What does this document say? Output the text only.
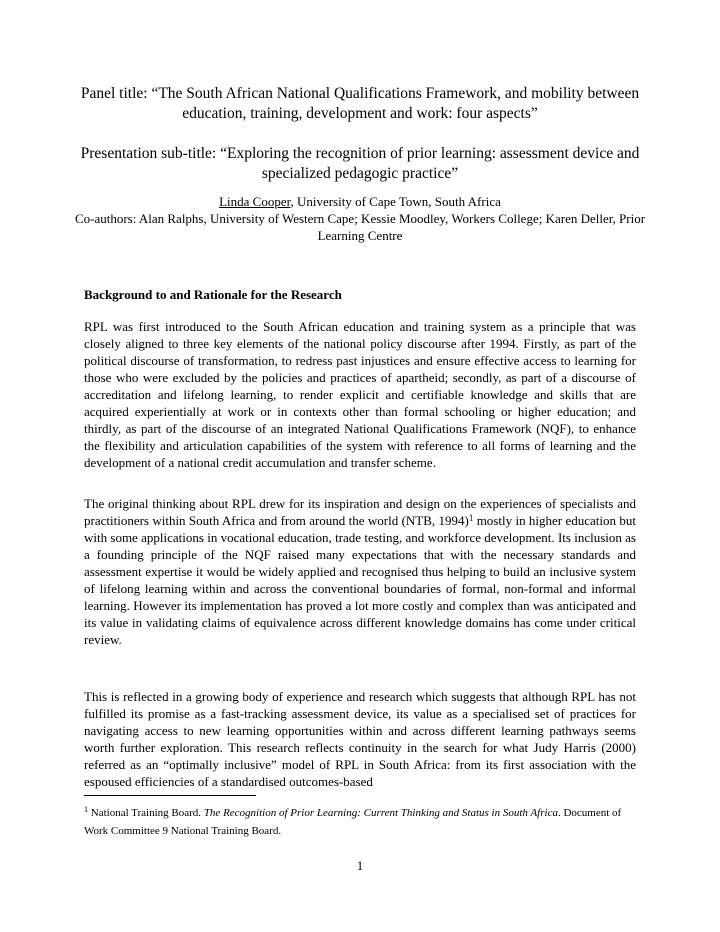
Panel title: “The South African National Qualifications Framework, and mobility between education, training, development and work: four aspects”

Presentation sub-title: “Exploring the recognition of prior learning: assessment device and specialized pedagogic practice”

Linda Cooper, University of Cape Town, South Africa

Co-authors: Alan Ralphs, University of Western Cape; Kessie Moodley, Workers College; Karen Deller, Prior Learning Centre

Background to and Rationale for the Research

RPL was first introduced to the South African education and training system as a principle that was closely aligned to three key elements of the national policy discourse after 1994. Firstly, as part of the political discourse of transformation, to redress past injustices and ensure effective access to learning for those who were excluded by the policies and practices of apartheid; secondly, as part of a discourse of accreditation and lifelong learning, to render explicit and certifiable knowledge and skills that are acquired experientially at work or in contexts other than formal schooling or higher education; and thirdly, as part of the discourse of an integrated National Qualifications Framework (NQF), to enhance the flexibility and articulation capabilities of the system with reference to all forms of learning and the development of a national credit accumulation and transfer scheme.

The original thinking about RPL drew for its inspiration and design on the experiences of specialists and practitioners within South Africa and from around the world (NTB, 1994)$^1$ mostly in higher education but with some applications in vocational education, trade testing, and workforce development. Its inclusion as a founding principle of the NQF raised many expectations that with the necessary standards and assessment expertise it would be widely applied and recognised thus helping to build an inclusive system of lifelong learning within and across the conventional boundaries of formal, non-formal and informal learning. However its implementation has proved a lot more costly and complex than was anticipated and its value in validating claims of equivalence across different knowledge domains has come under critical review.

This is reflected in a growing body of experience and research which suggests that although RPL has not fulfilled its promise as a fast-tracking assessment device, its value as a specialised set of practices for navigating access to new learning opportunities within and across different learning pathways seems worth further exploration. This research reflects continuity in the search for what Judy Harris (2000) referred as an “optimally inclusive” model of RPL in South Africa: from its first association with the espoused efficiencies of a standardised outcomes-based

$^1$ National Training Board. The Recognition of Prior Learning: Current Thinking and Status in South Africa. Document of Work Committee 9 National Training Board.

1
